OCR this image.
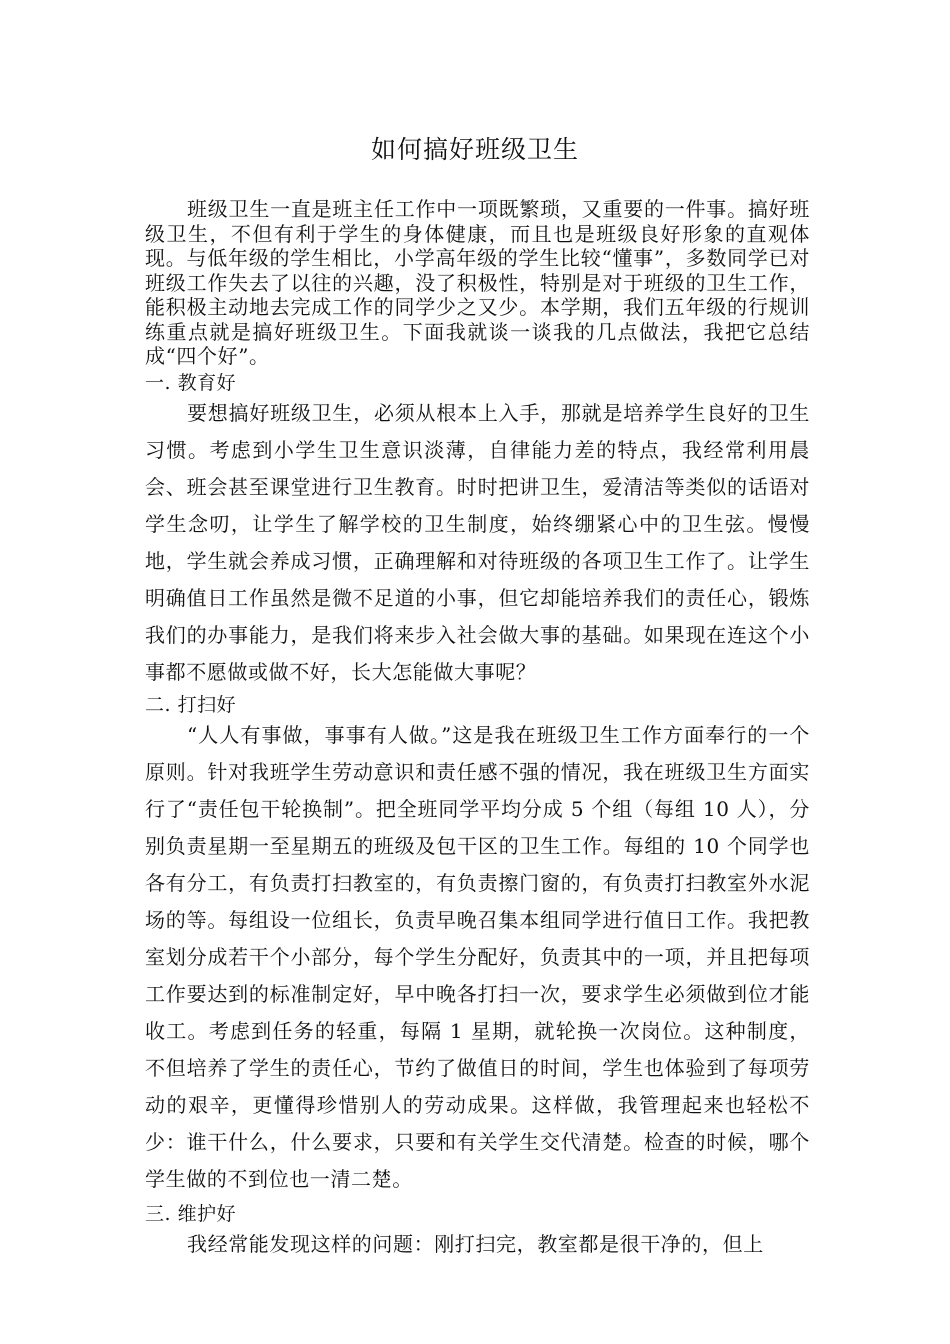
如何搞好班级卫生

班级卫生一直是班主任工作中一项既繁琐，又重要的一件事。搞好班级卫生，不但有利于学生的身体健康，而且也是班级良好形象的直观体现。与低年级的学生相比，小学高年级的学生比较“懂事”，多数同学已对班级工作失去了以往的兴趣，没了积极性，特别是对于班级的卫生工作，能积极主动地去完成工作的同学少之又少。本学期，我们五年级的行规训练重点就是搞好班级卫生。下面我就谈一谈我的几点做法，我把它总结成“四个好”。

一. 教育好

要想搞好班级卫生，必须从根本上入手，那就是培养学生良好的卫生习惯。考虑到小学生卫生意识淡薄，自律能力差的特点，我经常利用晨会、班会甚至课堂进行卫生教育。时时把讲卫生，爱清洁等类似的话语对学生念叨，让学生了解学校的卫生制度，始终绷紧心中的卫生弦。慢慢地，学生就会养成习惯，正确理解和对待班级的各项卫生工作了。让学生明确值日工作虽然是微不足道的小事，但它却能培养我们的责任心，锻炼我们的办事能力，是我们将来步入社会做大事的基础。如果现在连这个小事都不愿做或做不好，长大怎能做大事呢？

二. 打扫好

“人人有事做，事事有人做。”这是我在班级卫生工作方面奉行的一个原则。针对我班学生劳动意识和责任感不强的情况，我在班级卫生方面实行了“责任包干轮换制”。把全班同学平均分成 5 个组（每组 10 人），分别负责星期一至星期五的班级及包干区的卫生工作。每组的 10 个同学也各有分工，有负责打扫教室的，有负责擦门窗的，有负责打扫教室外水泥场的等。每组设一位组长，负责早晚召集本组同学进行值日工作。我把教室划分成若干个小部分，每个学生分配好，负责其中的一项，并且把每项工作要达到的标准制定好，早中晚各打扫一次，要求学生必须做到位才能收工。考虑到任务的轻重，每隔 1 星期，就轮换一次岗位。这种制度，不但培养了学生的责任心，节约了做值日的时间，学生也体验到了每项劳动的艰辛，更懂得珍惜别人的劳动成果。这样做，我管理起来也轻松不少：谁干什么，什么要求，只要和有关学生交代清楚。检查的时候，哪个学生做的不到位也一清二楚。

三. 维护好

我经常能发现这样的问题：刚打扫完，教室都是很干净的，但上
